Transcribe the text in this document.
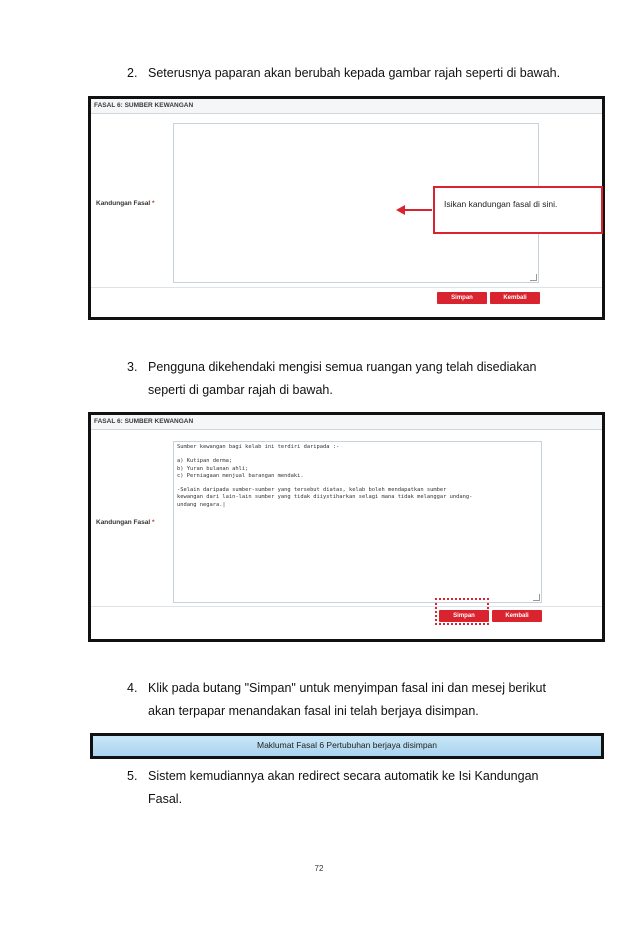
2. Seterusnya paparan akan berubah kepada gambar rajah seperti di bawah.
FASAL 6: SUMBER KEWANGAN
Kandungan Fasal *
Simpan	Kembali
Isikan kandungan fasal di sini.
3. Pengguna dikehendaki mengisi semua ruangan yang telah disediakan
seperti di gambar rajah di bawah.
FASAL 6: SUMBER KEWANGAN
Kandungan Fasal *
Sumber kewangan bagi kelab ini terdiri daripada :-

a) Kutipan derma;
b) Yuran bulanan ahli;
c) Perniagaan menjual barangan mendaki.

-Selain daripada sumber-sumber yang tersebut diatas, kelab boleh mendapatkan sumber
kewangan dari lain-lain sumber yang tidak diiystiharkan selagi mana tidak melanggar undang-
undang negara.|
Simpan	Kembali
4. Klik pada butang "Simpan" untuk menyimpan fasal ini dan mesej berikut
akan terpapar menandakan fasal ini telah berjaya disimpan.
Maklumat Fasal 6 Pertubuhan berjaya disimpan
5. Sistem kemudiannya akan redirect secara automatik ke Isi Kandungan
Fasal.
72
